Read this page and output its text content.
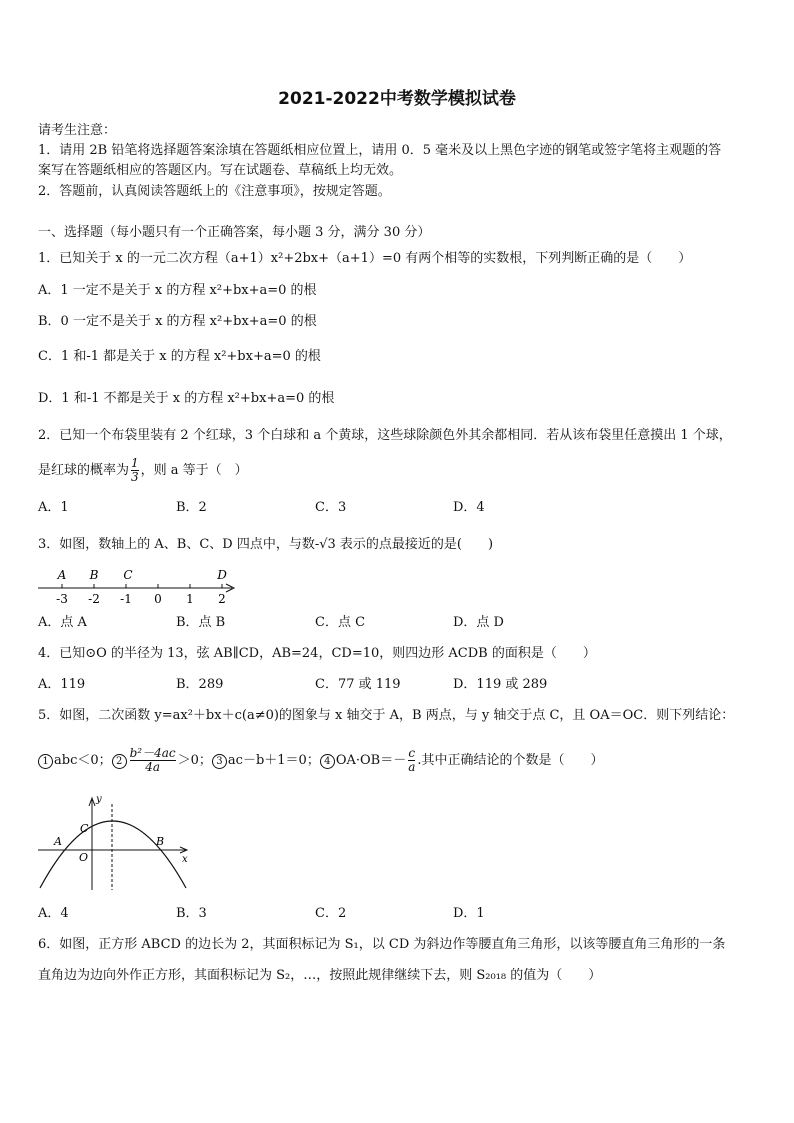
2021-2022中考数学模拟试卷
请考生注意：
1．请用 2B 铅笔将选择题答案涂填在答题纸相应位置上，请用 0．5 毫米及以上黑色字迹的钢笔或签字笔将主观题的答
案写在答题纸相应的答题区内。写在试题卷、草稿纸上均无效。
2．答题前，认真阅读答题纸上的《注意事项》，按规定答题。
一、选择题（每小题只有一个正确答案，每小题 3 分，满分 30 分）
1．已知关于 x 的一元二次方程（a+1）x²+2bx+（a+1）=0 有两个相等的实数根，下列判断正确的是（　　）
A．1 一定不是关于 x 的方程 x²+bx+a=0 的根
B．0 一定不是关于 x 的方程 x²+bx+a=0 的根
C．1 和-1 都是关于 x 的方程 x²+bx+a=0 的根
D．1 和-1 不都是关于 x 的方程 x²+bx+a=0 的根
2．已知一个布袋里装有 2 个红球，3 个白球和 a 个黄球，这些球除颜色外其余都相同．若从该布袋里任意摸出 1 个球，
是红球的概率为 $\frac{1}{3}$ ，则 a 等于（　）
A．1	B．2	C．3	D．4
3．如图，数轴上的 A、B、C、D 四点中，与数-√3 表示的点最接近的是(　　)
-3 -2 -1 0 1 2
A B C	D
A．点 A	B．点 B	C．点 C	D．点 D
4．已知⊙O 的半径为 13，弦 AB∥CD，AB=24，CD=10，则四边形 ACDB 的面积是（　　）
A．119	B．289	C．77 或 119	D．119 或 289
5．如图，二次函数 y=ax²＋bx＋c(a≠0)的图象与 x 轴交于 A，B 两点，与 y 轴交于点 C，且 OA＝OC．则下列结论：
1 abc＜0； $2 \frac{\text{b²－4ac}}{4a} >0$； 3 ac－b＋1＝0； 4 $OA\cdot OB=- \frac{c}{a}$ .其中正确结论的个数是（　　）
y
x
C
A
O
B
A．4	B．3	C．2	D．1
6．如图，正方形 ABCD 的边长为 2，其面积标记为 S₁，以 CD 为斜边作等腰直角三角形，以该等腰直角三角形的一条
直角边为边向外作正方形，其面积标记为 S₂，…，按照此规律继续下去，则 S₂₀₁₈ 的值为（　　）
